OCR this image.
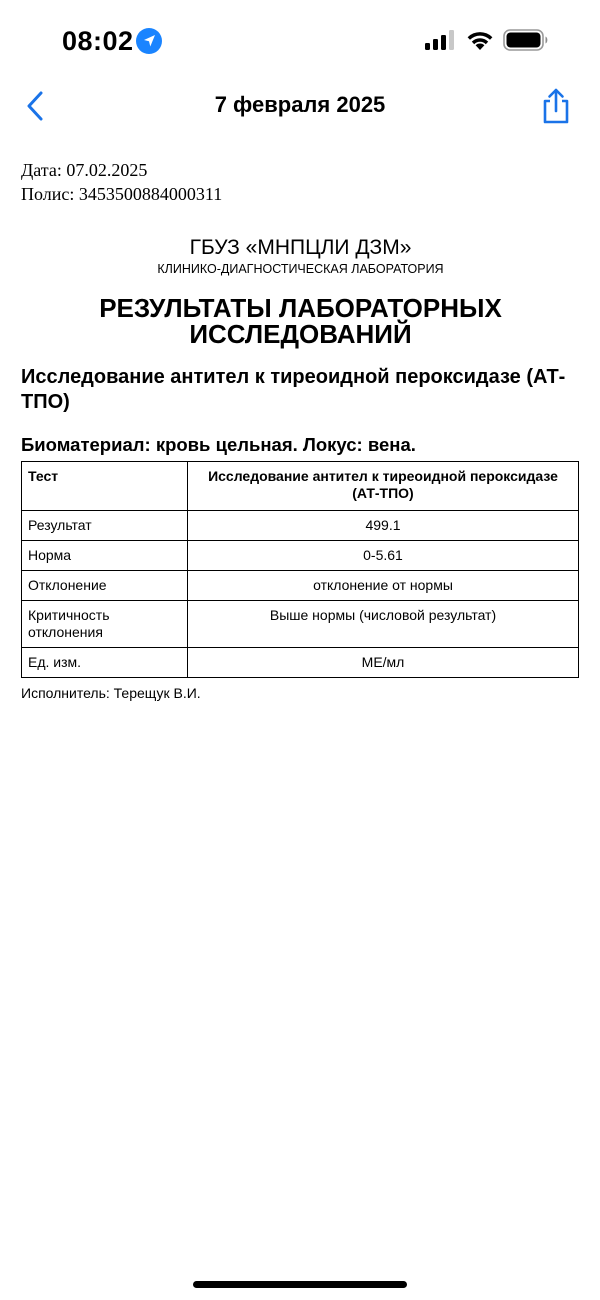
08:02
7 февраля 2025
Дата: 07.02.2025
Полис: 3453500884000311
ГБУЗ «МНПЦЛИ ДЗМ»
КЛИНИКО-ДИАГНОСТИЧЕСКАЯ ЛАБОРАТОРИЯ
РЕЗУЛЬТАТЫ ЛАБОРАТОРНЫХ
ИССЛЕДОВАНИЙ
Исследование антител к тиреоидной пероксидазе (АТ-ТПО)
Биоматериал: кровь цельная. Локус: вена.
Тест	Исследование антител к тиреоидной пероксидазе (АТ-ТПО)
Результат	499.1
Норма	0-5.61
Отклонение	отклонение от нормы
Критичность отклонения	Выше нормы (числовой результат)
Ед. изм.	МЕ/мл
Исполнитель: Терещук В.И.
